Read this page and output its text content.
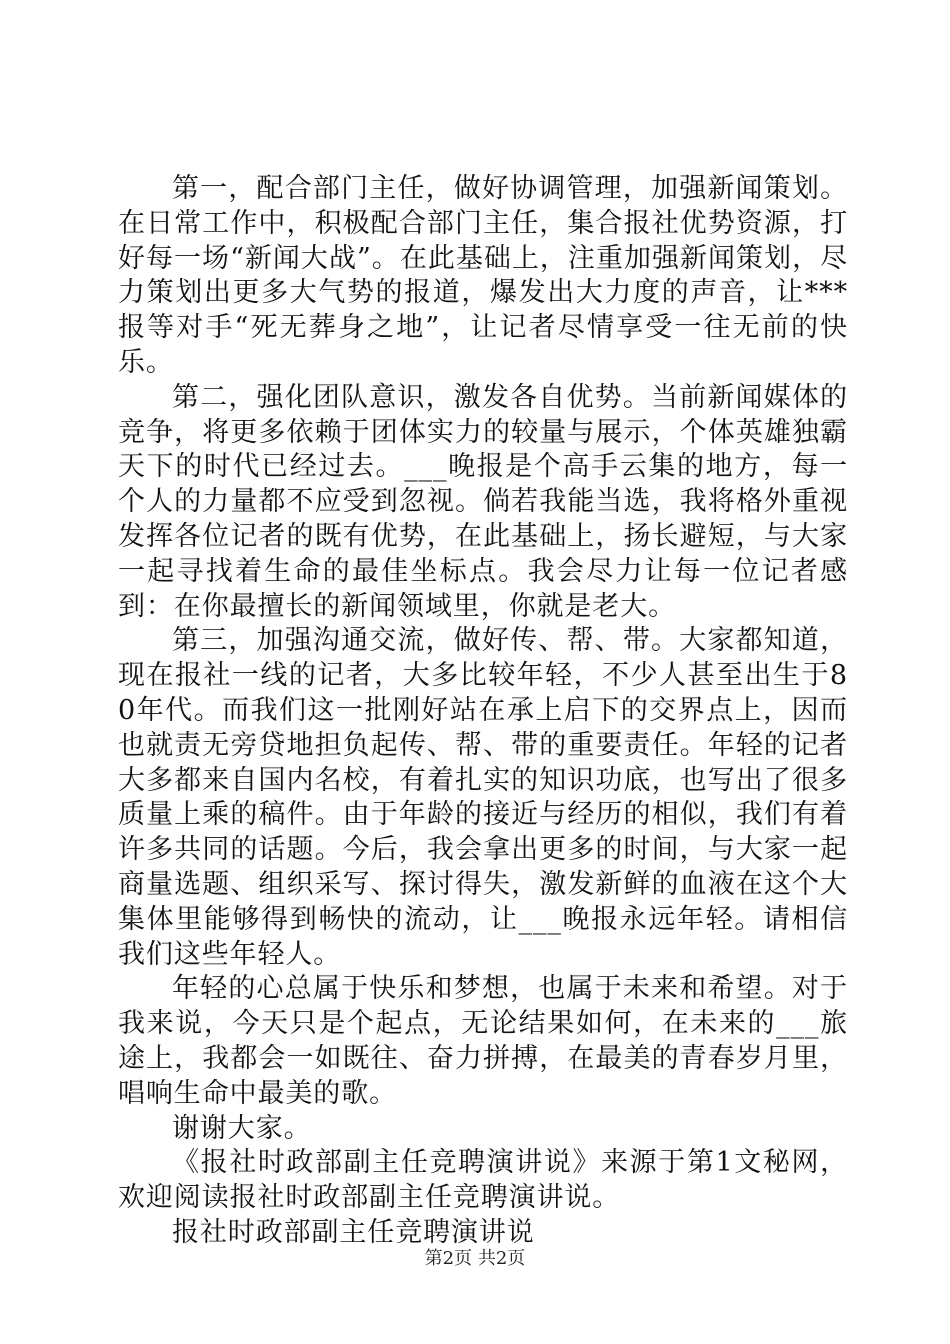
第一，配合部门主任，做好协调管理，加强新闻策划。在日常工作中，积极配合部门主任，集合报社优势资源，打好每一场“新闻大战”。在此基础上，注重加强新闻策划，尽力策划出更多大气势的报道，爆发出大力度的声音，让***报等对手“死无葬身之地”，让记者尽情享受一往无前的快乐。

第二，强化团队意识，激发各自优势。当前新闻媒体的竞争，将更多依赖于团体实力的较量与展示，个体英雄独霸天下的时代已经过去。___晚报是个高手云集的地方，每一个人的力量都不应受到忽视。倘若我能当选，我将格外重视发挥各位记者的既有优势，在此基础上，扬长避短，与大家一起寻找着生命的最佳坐标点。我会尽力让每一位记者感到：在你最擅长的新闻领域里，你就是老大。

第三，加强沟通交流，做好传、帮、带。大家都知道，现在报社一线的记者，大多比较年轻，不少人甚至出生于80年代。而我们这一批刚好站在承上启下的交界点上，因而也就责无旁贷地担负起传、帮、带的重要责任。年轻的记者大多都来自国内名校，有着扎实的知识功底，也写出了很多质量上乘的稿件。由于年龄的接近与经历的相似，我们有着许多共同的话题。今后，我会拿出更多的时间，与大家一起商量选题、组织采写、探讨得失，激发新鲜的血液在这个大集体里能够得到畅快的流动，让___晚报永远年轻。请相信我们这些年轻人。

年轻的心总属于快乐和梦想，也属于未来和希望。对于我来说，今天只是个起点，无论结果如何，在未来的___旅途上，我都会一如既往、奋力拼搏，在最美的青春岁月里，唱响生命中最美的歌。

谢谢大家。

《报社时政部副主任竞聘演讲说》来源于第1文秘网，欢迎阅读报社时政部副主任竞聘演讲说。

报社时政部副主任竞聘演讲说

第2页 共2页
